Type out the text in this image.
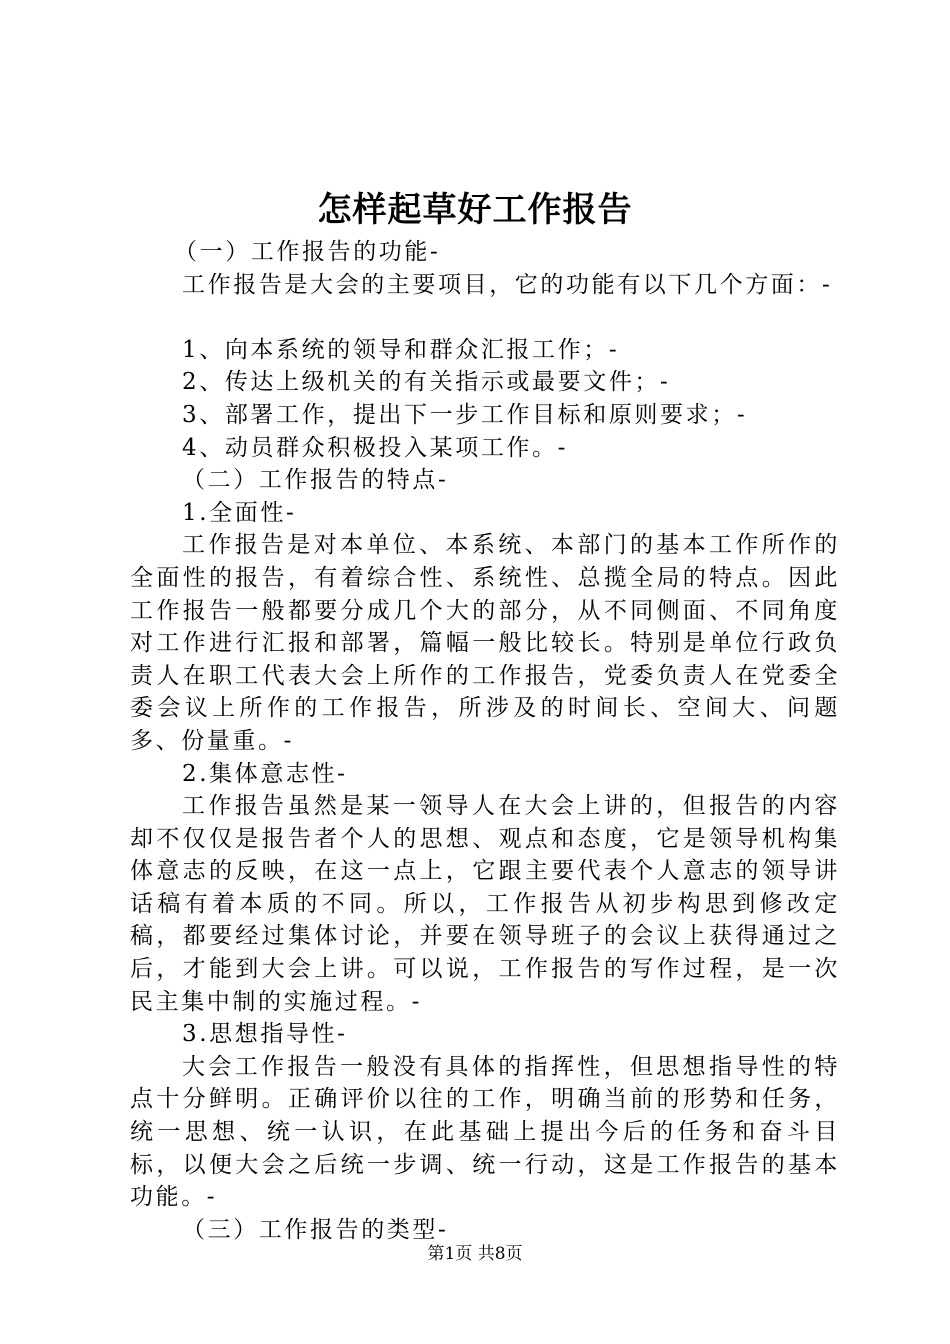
怎样起草好工作报告

（一）工作报告的功能-

工作报告是大会的主要项目，它的功能有以下几个方面：-

1、向本系统的领导和群众汇报工作；-

2、传达上级机关的有关指示或最要文件；-

3、部署工作，提出下一步工作目标和原则要求；-

4、动员群众积极投入某项工作。-

（二）工作报告的特点-

1.全面性-

工作报告是对本单位、本系统、本部门的基本工作所作的全面性的报告，有着综合性、系统性、总揽全局的特点。因此工作报告一般都要分成几个大的部分，从不同侧面、不同角度对工作进行汇报和部署，篇幅一般比较长。特别是单位行政负责人在职工代表大会上所作的工作报告，党委负责人在党委全委会议上所作的工作报告，所涉及的时间长、空间大、问题多、份量重。-

2.集体意志性-

工作报告虽然是某一领导人在大会上讲的，但报告的内容却不仅仅是报告者个人的思想、观点和态度，它是领导机构集体意志的反映，在这一点上，它跟主要代表个人意志的领导讲话稿有着本质的不同。所以，工作报告从初步构思到修改定稿，都要经过集体讨论，并要在领导班子的会议上获得通过之后，才能到大会上讲。可以说，工作报告的写作过程，是一次民主集中制的实施过程。-

3.思想指导性-

大会工作报告一般没有具体的指挥性，但思想指导性的特点十分鲜明。正确评价以往的工作，明确当前的形势和任务，统一思想、统一认识，在此基础上提出今后的任务和奋斗目标，以便大会之后统一步调、统一行动，这是工作报告的基本功能。-

（三）工作报告的类型-

第1页 共8页
